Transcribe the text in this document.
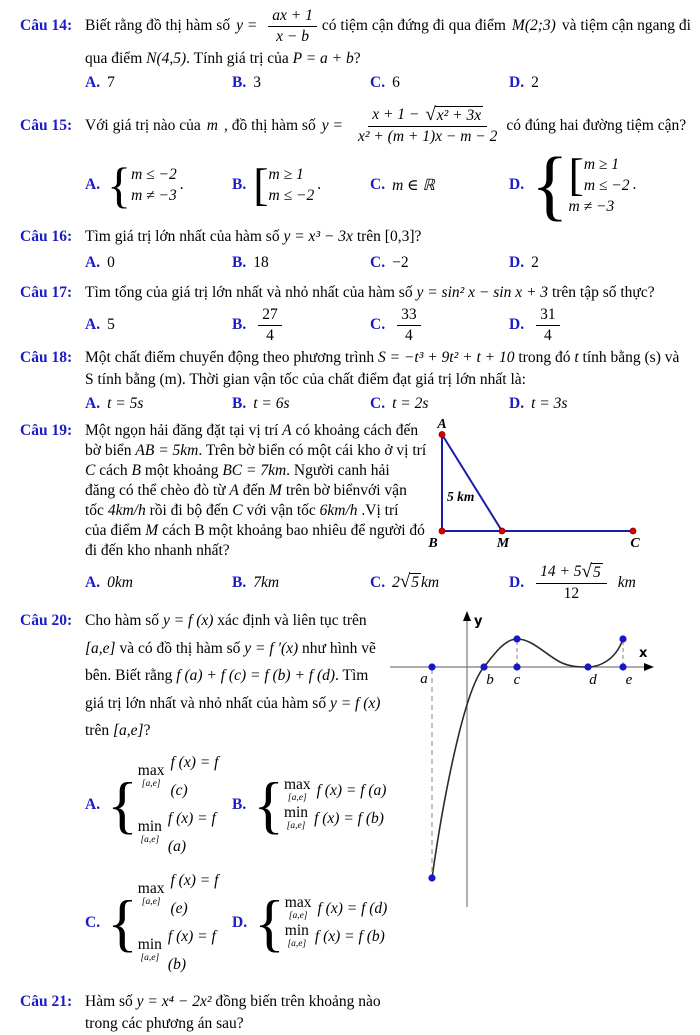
Câu 14: Biết rằng đồ thị hàm số $y = \frac{ax + 1}{x - b}$ có tiệm cận đứng đi qua điểm M(2;3) và tiệm cận ngang đi
qua điểm N(4,5). Tính giá trị của P = a + b?
A. 7	B. 3	C. 6	D. 2
Câu 15: Với giá trị nào của m , đồ thị hàm số $y = \frac{\text{x + 1 − √ x² + 3x}}{\text{x² + (m + 1)x − m − 2}}$ có đúng hai đường tiệm cận?
A. { m ≤ −2
m ≠ −3
.	B. [ m ≥ 1
m ≤ −2
.	C. m ∈ ℝ	D. { [ m ≥ 1
m ≤ −2
m ≠ −3
.
Câu 16: Tìm giá trị lớn nhất của hàm số y = x³ − 3x trên [0,3]?
A. 0	B. 18	C. −2	D. 2
Câu 17: Tìm tổng của giá trị lớn nhất và nhỏ nhất của hàm số y = sin² x − sin x + 3 trên tập số thực?
A. 5	B. $\frac{27}{4}$	C. $\frac{33}{4}$	D. $\frac{31}{4}$
Câu 18: Một chất điểm chuyển động theo phương trình S = −t³ + 9t² + t + 10 trong đó t tính bằng (s) và
S tính bằng (m). Thời gian vận tốc của chất điểm đạt giá trị lớn nhất là:
A. t = 5s	B. t = 6s	C. t = 2s	D. t = 3s
Câu 19: Một ngọn hải đăng đặt tại vị trí A có khoảng cách đến
bờ biển AB = 5km. Trên bờ biển có một cái kho ở vị trí
C cách B một khoảng BC = 7km. Người canh hải
đăng có thể chèo đò từ A đến M trên bờ biểnvới vận
tốc 4km/h rồi đi bộ đến C với vận tốc 6km/h .Vị trí
của điểm M cách B một khoảng bao nhiêu để người đó
đi đến kho nhanh nhất?
A
B	M	C
5 km
A. 0km	B. 7km	C. 2 √ 5 km	D. $\frac{14 + 5 √ 5}{12}$ km
Câu 20: Cho hàm số y = f (x) xác định và liên tục trên
[a,e] và có đồ thị hàm số y = f ′(x) như hình vẽ
bên. Biết rằng f (a) + f (c) = f (b) + f (d). Tìm
giá trị lớn nhất và nhỏ nhất của hàm số y = f (x)
trên [a,e]?
y
x
a	b c	d e
A. { max
[a,e]
f (x) = f (c)
min
[a,e]
f (x) = f (a)
B. { max
[a,e] f (x) = f (a)
min
[a,e] f (x) = f (b)
C. { max
[a,e]
f (x) = f (e)
min
[a,e]
f (x) = f (b)
D. { max
[a,e] f (x) = f (d)
min
[a,e] f (x) = f (b)
Câu 21: Hàm số y = x⁴ − 2x² đồng biến trên khoảng nào
trong các phương án sau?
